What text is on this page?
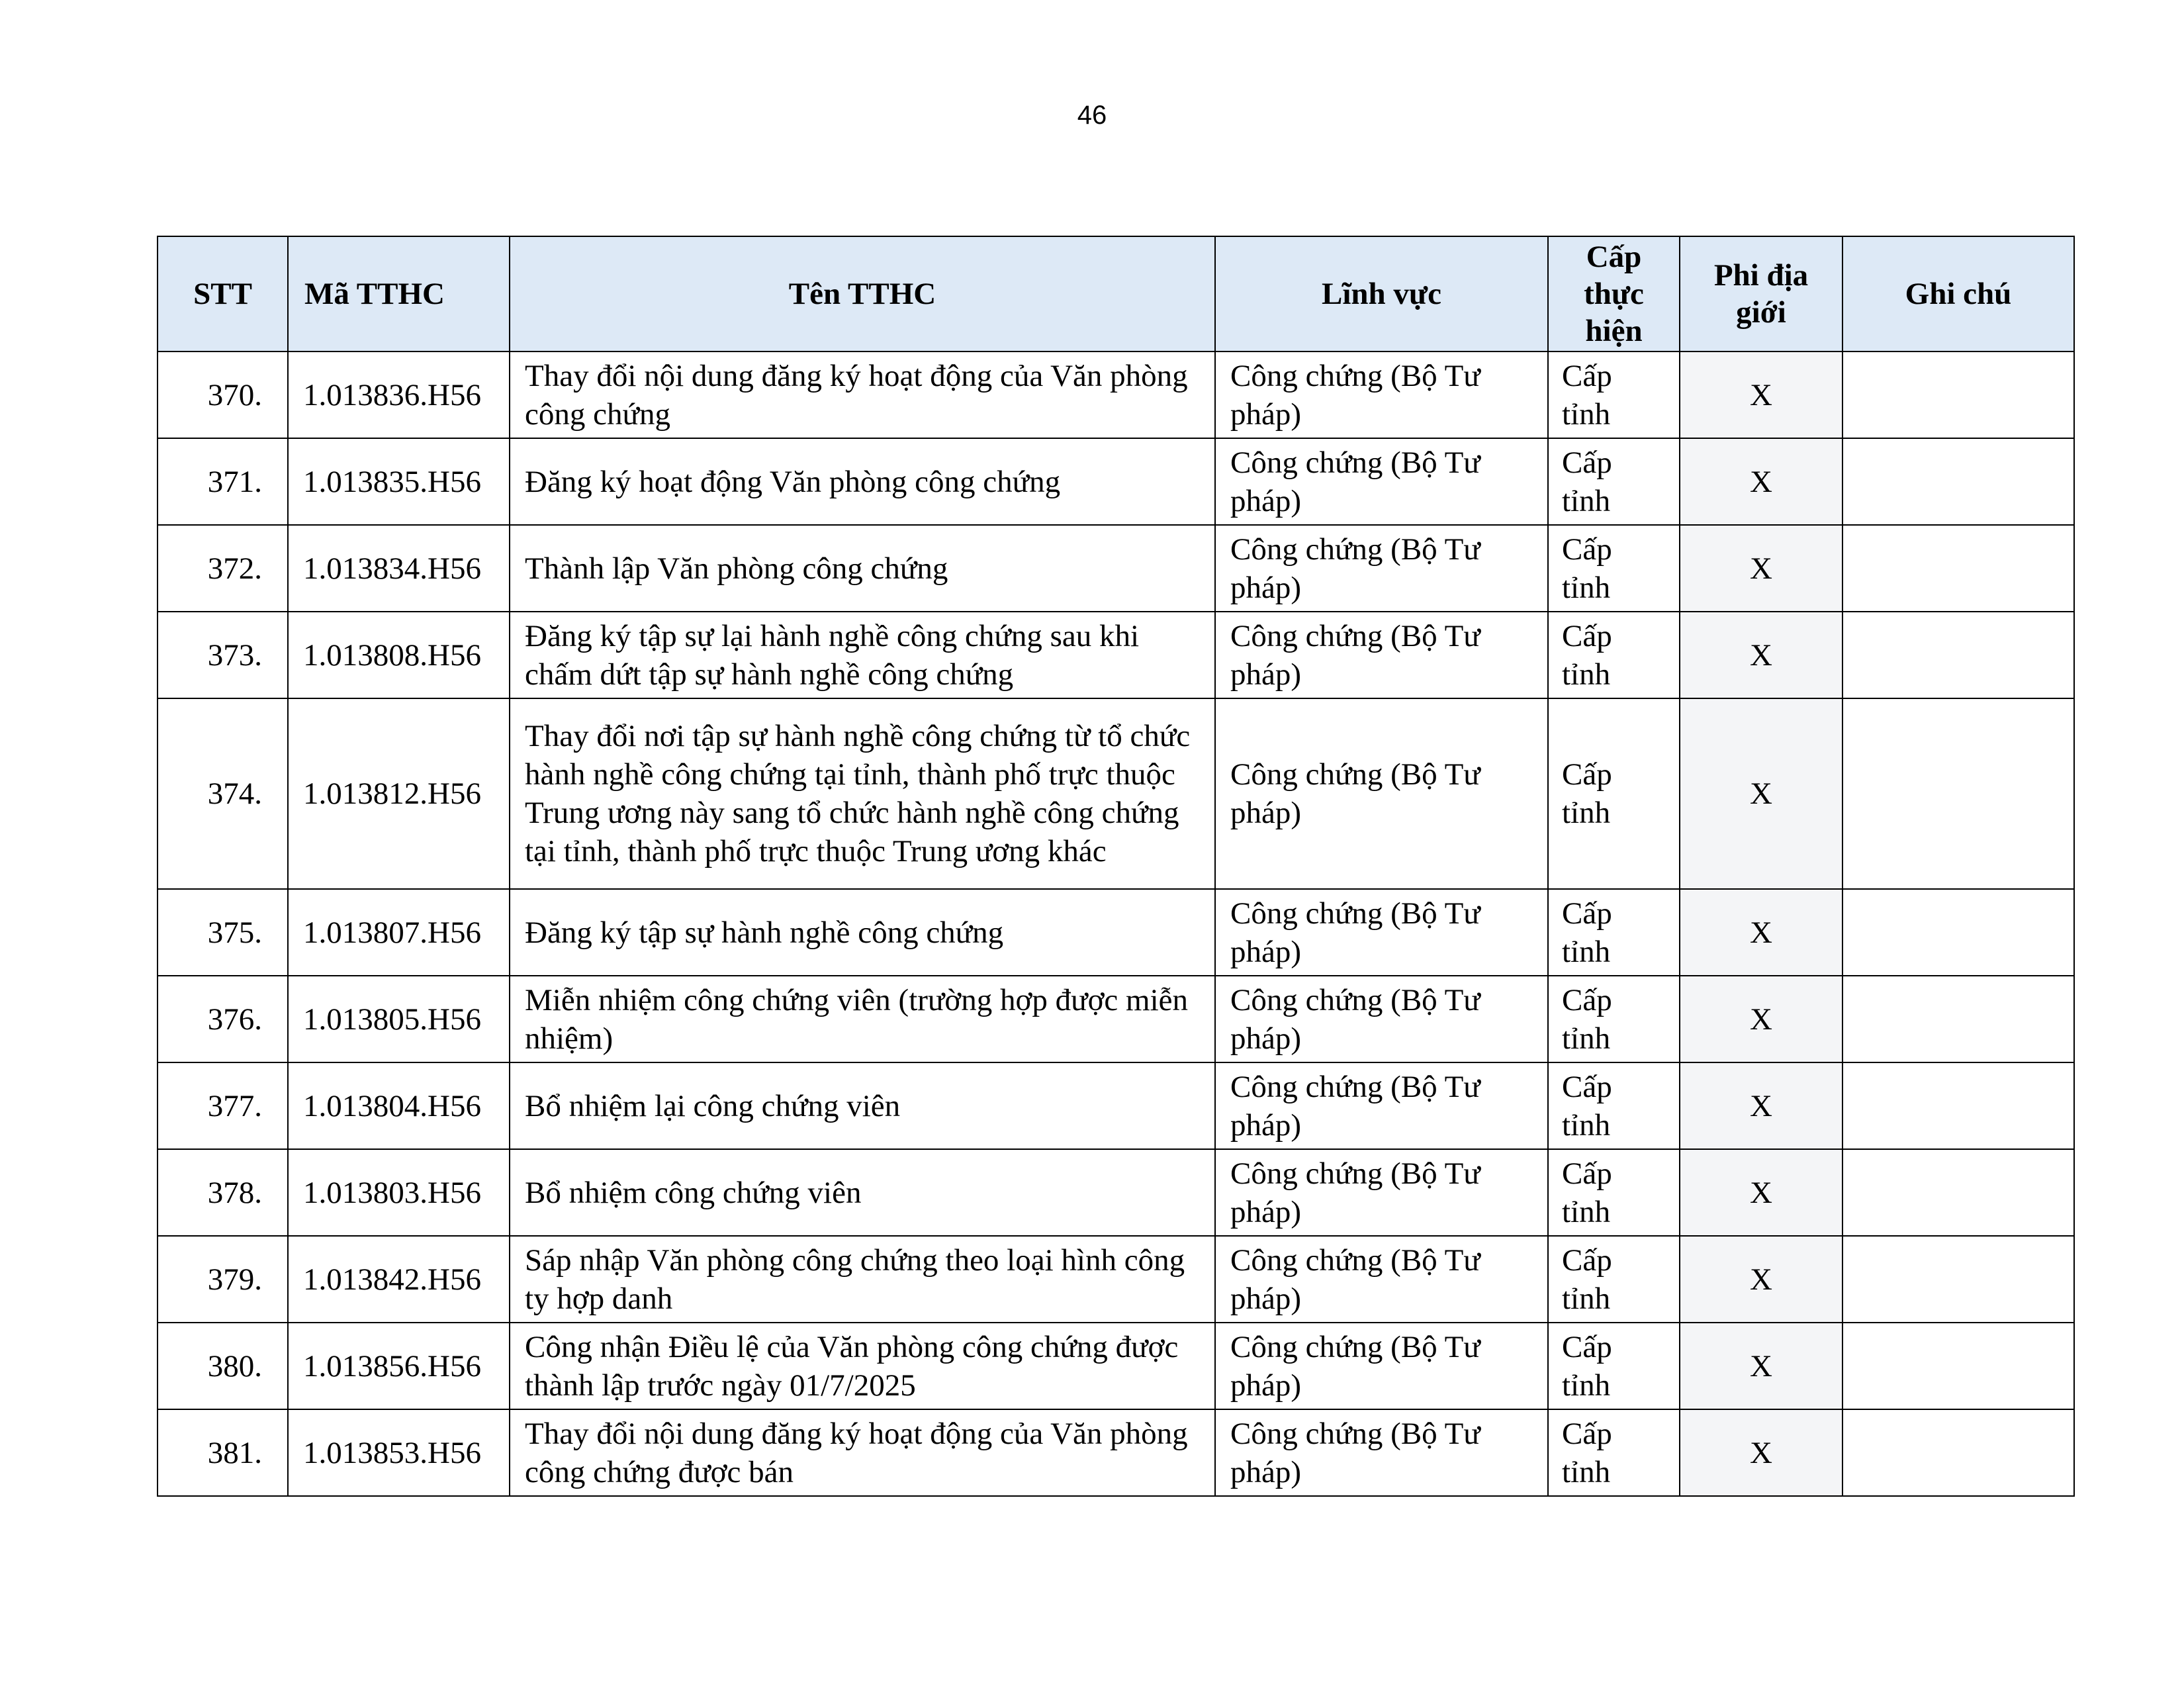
46
STT	Mã TTHC	Tên TTHC	Lĩnh vực	Cấp thực hiện	Phi địa giới	Ghi chú
370.	1.013836.H56	Thay đổi nội dung đăng ký hoạt động của Văn phòng công chứng	Công chứng (Bộ Tư pháp)	Cấp tỉnh	X	
371.	1.013835.H56	Đăng ký hoạt động Văn phòng công chứng	Công chứng (Bộ Tư pháp)	Cấp tỉnh	X	
372.	1.013834.H56	Thành lập Văn phòng công chứng	Công chứng (Bộ Tư pháp)	Cấp tỉnh	X	
373.	1.013808.H56	Đăng ký tập sự lại hành nghề công chứng sau khi chấm dứt tập sự hành nghề công chứng	Công chứng (Bộ Tư pháp)	Cấp tỉnh	X	
374.	1.013812.H56	Thay đổi nơi tập sự hành nghề công chứng từ tổ chức hành nghề công chứng tại tỉnh, thành phố trực thuộc Trung ương này sang tổ chức hành nghề công chứng tại tỉnh, thành phố trực thuộc Trung ương khác	Công chứng (Bộ Tư pháp)	Cấp tỉnh	X	
375.	1.013807.H56	Đăng ký tập sự hành nghề công chứng	Công chứng (Bộ Tư pháp)	Cấp tỉnh	X	
376.	1.013805.H56	Miễn nhiệm công chứng viên (trường hợp được miễn nhiệm)	Công chứng (Bộ Tư pháp)	Cấp tỉnh	X	
377.	1.013804.H56	Bổ nhiệm lại công chứng viên	Công chứng (Bộ Tư pháp)	Cấp tỉnh	X	
378.	1.013803.H56	Bổ nhiệm công chứng viên	Công chứng (Bộ Tư pháp)	Cấp tỉnh	X	
379.	1.013842.H56	Sáp nhập Văn phòng công chứng theo loại hình công ty hợp danh	Công chứng (Bộ Tư pháp)	Cấp tỉnh	X	
380.	1.013856.H56	Công nhận Điều lệ của Văn phòng công chứng được thành lập trước ngày 01/7/2025	Công chứng (Bộ Tư pháp)	Cấp tỉnh	X	
381.	1.013853.H56	Thay đổi nội dung đăng ký hoạt động của Văn phòng công chứng được bán	Công chứng (Bộ Tư pháp)	Cấp tỉnh	X	
